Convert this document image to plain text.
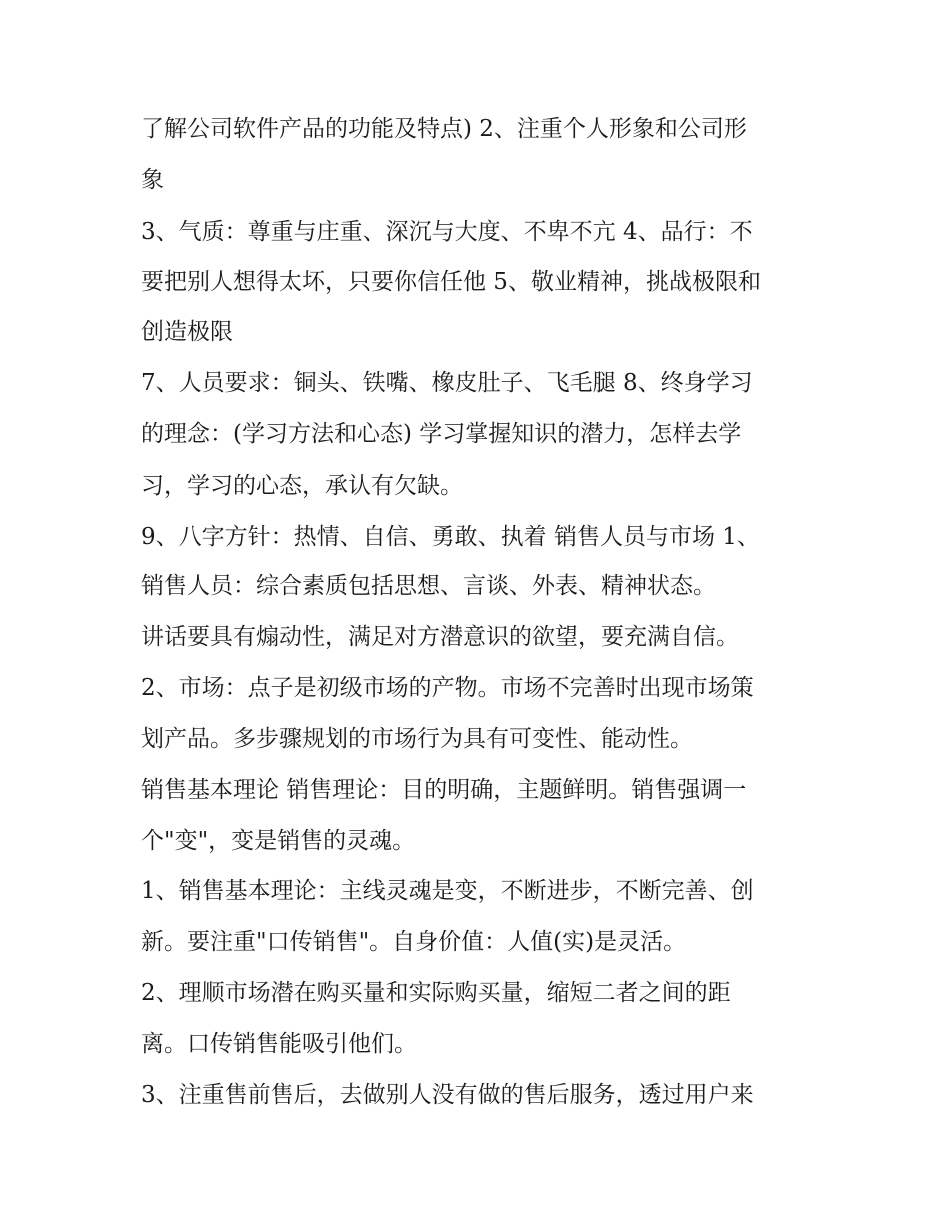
了解公司软件产品的功能及特点) 2、注重个人形象和公司形
象
3、气质：尊重与庄重、深沉与大度、不卑不亢 4、品行：不
要把别人想得太坏，只要你信任他 5、敬业精神，挑战极限和
创造极限
7、人员要求：铜头、铁嘴、橡皮肚子、飞毛腿 8、终身学习
的理念：(学习方法和心态) 学习掌握知识的潜力，怎样去学
习，学习的心态，承认有欠缺。
9、八字方针：热情、自信、勇敢、执着 销售人员与市场 1、
销售人员：综合素质包括思想、言谈、外表、精神状态。
讲话要具有煽动性，满足对方潜意识的欲望，要充满自信。
2、市场：点子是初级市场的产物。市场不完善时出现市场策
划产品。多步骤规划的市场行为具有可变性、能动性。
销售基本理论 销售理论：目的明确，主题鲜明。销售强调一
个"变"，变是销售的灵魂。
1、销售基本理论：主线灵魂是变，不断进步，不断完善、创
新。要注重"口传销售"。自身价值：人值(实)是灵活。
2、理顺市场潜在购买量和实际购买量，缩短二者之间的距
离。口传销售能吸引他们。
3、注重售前售后，去做别人没有做的售后服务，透过用户来
